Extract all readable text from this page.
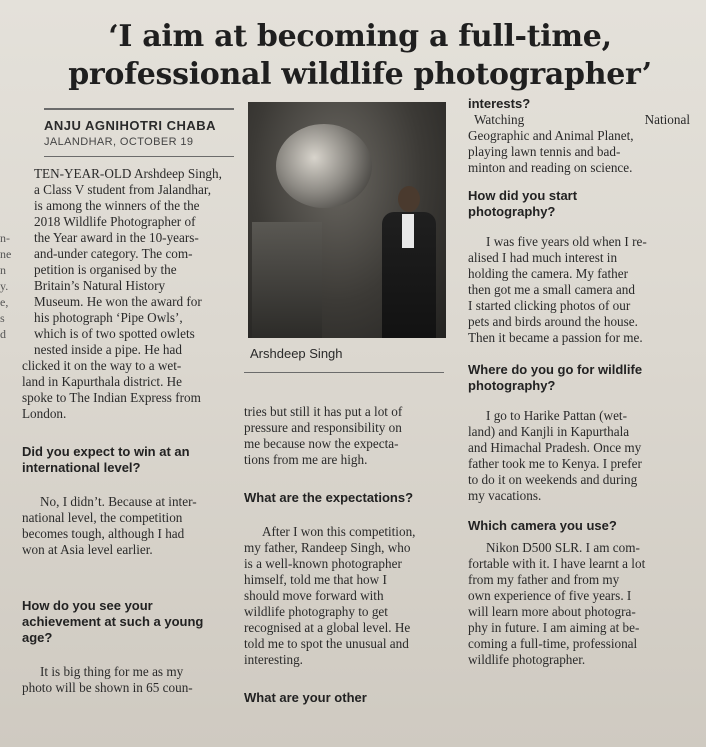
‘I aim at becoming a full-time,
professional wildlife photographer’
ANJU AGNIHOTRI CHABA
JALANDHAR, OCTOBER 19
n-
ne
n
y.
e,
s
d

TEN-YEAR-OLD Arshdeep Singh,

a Class V student from Jalandhar,

is among the winners of the the

2018 Wildlife Photographer of

the Year award in the 10-years-

and-under category. The com-

petition is organised by the

Britain’s Natural History

Museum. He won the award for

his photograph ‘Pipe Owls’,

which is of two spotted owlets

nested inside a pipe. He had

clicked it on the way to a wet-

land in Kapurthala district. He

spoke to The Indian Express from

London.

Did you expect to win at an

international level?

No, I didn’t. Because at inter-

national level, the competition

becomes tough, although I had

won at Asia level earlier.

How do you see your

achievement at such a young

age?

It is big thing for me as my

photo will be shown in 65 coun-

Arshdeep Singh

tries but still it has put a lot of

pressure and responsibility on

me because now the expecta-

tions from me are high.

What are the expectations?

After I won this competition,

my father, Randeep Singh, who

is a well-known photographer

himself, told me that how I

should move forward with

wildlife photography to get

recognised at a global level. He

told me to spot the unusual and

interesting.

What are your other
interests?

Watching National

Geographic and Animal Planet,

playing lawn tennis and bad-

minton and reading on science.

How did you start

photography?

I was five years old when I re-

alised I had much interest in

holding the camera. My father

then got me a small camera and

I started clicking photos of our

pets and birds around the house.

Then it became a passion for me.

Where do you go for wildlife

photography?

I go to Harike Pattan (wet-

land) and Kanjli in Kapurthala

and Himachal Pradesh. Once my

father took me to Kenya. I prefer

to do it on weekends and during

my vacations.

Which camera you use?

Nikon D500 SLR. I am com-

fortable with it. I have learnt a lot

from my father and from my

own experience of five years. I

will learn more about photogra-

phy in future. I am aiming at be-

coming a full-time, professional

wildlife photographer.
